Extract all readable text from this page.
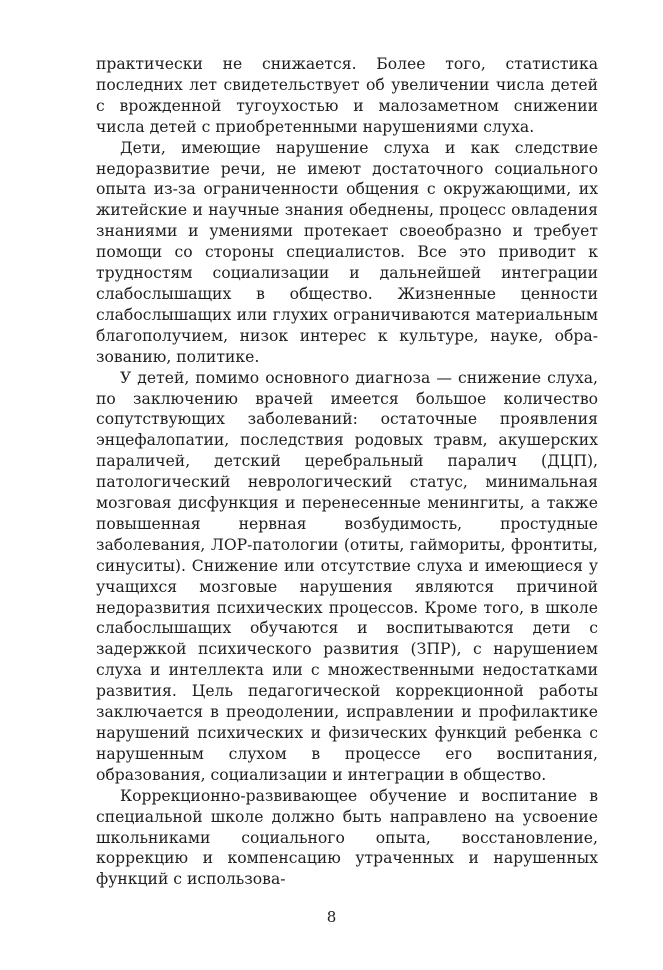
практически не снижается. Более того, статистика последних лет свидетельствует об увеличении числа детей с врожденной тугоухостью и малозаметном снижении числа детей с приобретенными нарушениями слуха.

Дети, имеющие нарушение слуха и как следствие недоразвитие речи, не имеют достаточного социального опыта из-за ограниченности общения с окружающими, их житейские и научные знания обеднены, процесс овладения знаниями и умениями протекает своеобразно и требует помощи со стороны специалистов. Все это приводит к трудностям социализации и дальнейшей интеграции слабослышащих в общество. Жизненные ценности слабослышащих или глухих ограничиваются материальным благополучием, низок интерес к культуре, науке, образованию, политике.

У детей, помимо основного диагноза — снижение слуха, по заключению врачей имеется большое количество сопутствующих заболеваний: остаточные проявления энцефалопатии, последствия родовых травм, акушерских параличей, детский церебральный паралич (ДЦП), патологический неврологический статус, минимальная мозговая дисфункция и перенесенные менингиты, а также повышенная нервная возбудимость, простудные заболевания, ЛОР-патологии (отиты, гаймориты, фронтиты, синуситы). Снижение или отсутствие слуха и имеющиеся у учащихся мозговые нарушения являются причиной недоразвития психических процессов. Кроме того, в школе слабослышащих обучаются и воспитываются дети с задержкой психического развития (ЗПР), с нарушением слуха и интеллекта или с множественными недостатками развития. Цель педагогической коррекционной работы заключается в преодолении, исправлении и профилактике нарушений психических и физических функций ребенка с нарушенным слухом в процессе его воспитания, образования, социализации и интеграции в общество.

Коррекционно-развивающее обучение и воспитание в специальной школе должно быть направлено на усвоение школьниками социального опыта, восстановление, коррекцию и компенсацию утраченных и нарушенных функций с использова-

8
